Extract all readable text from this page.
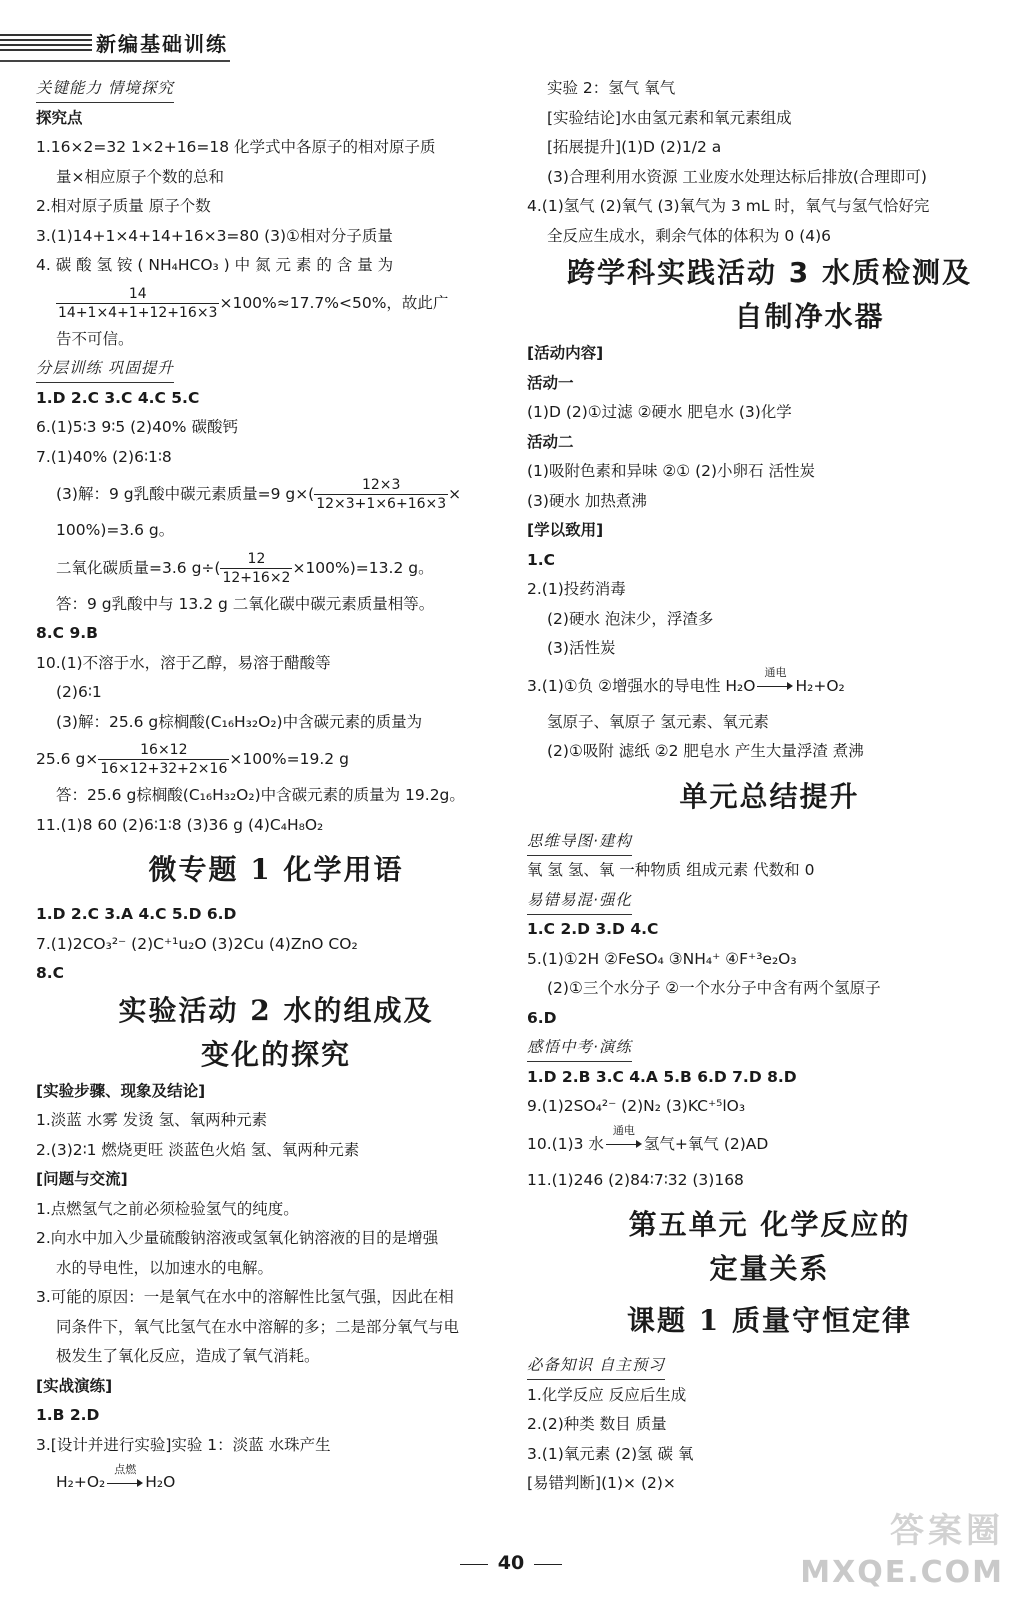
新编基础训练
关键能力 情境探究
探究点
1.16×2=32 1×2+16=18 化学式中各原子的相对原子质
量×相应原子个数的总和
2.相对原子质量 原子个数
3.(1)14+1×4+14+16×3=80 (3)①相对分子质量
4. 碳 酸 氢 铵 ( NH₄HCO₃ ) 中 氮 元 素 的 含 量 为
$\frac{14}{14+1\times 4+1+12+16\times 3} \times 100\%\approx 17.7\%<50\%$，故此广
告不可信。
分层训练 巩固提升
1.D 2.C 3.C 4.C 5.C
6.(1)5∶3 9∶5 (2)40% 碳酸钙
7.(1)40% (2)6∶1∶8
(3)解：9 g乳酸中碳元素质量=9 $g\times( \frac{12\times 3}{12\times 3+1\times 6+16\times 3}$ ×
100%)=3.6 g。
二氧化碳质量=3.6 $g\div( \frac{12}{12+16\times 2} \times 100\%)=13.2$ g。
答：9 g乳酸中与 13.2 g 二氧化碳中碳元素质量相等。
8.C 9.B
10.(1)不溶于水，溶于乙醇，易溶于醋酸等
(2)6∶1
(3)解：25.6 g棕榈酸(C₁₆H₃₂O₂)中含碳元素的质量为
25.6 $g\times \frac{16\times 12}{16\times 12+32+2\times 16} \times 100\%=19.2$ g
答：25.6 g棕榈酸(C₁₆H₃₂O₂)中含碳元素的质量为 19.2g。
11.(1)8 60 (2)6∶1∶8 (3)36 g (4)C₄H₈O₂
微专题 1 化学用语
1.D 2.C 3.A 4.C 5.D 6.D
7.(1)2CO₃²⁻ (2)C⁺¹u₂O (3)2Cu (4)ZnO CO₂
8.C
实验活动 2 水的组成及
变化的探究
[实验步骤、现象及结论]
1.淡蓝 水雾 发烫 氢、氧两种元素
2.(3)2∶1 燃烧更旺 淡蓝色火焰 氢、氧两种元素
[问题与交流]
1.点燃氢气之前必须检验氢气的纯度。
2.向水中加入少量硫酸钠溶液或氢氧化钠溶液的目的是增强
水的导电性，以加速水的电解。
3.可能的原因：一是氧气在水中的溶解性比氢气强，因此在相
同条件下，氧气比氢气在水中溶解的多；二是部分氧气与电
极发生了氧化反应，造成了氧气消耗。
[实战演练]
1.B 2.D
3.[设计并进行实验]实验 1：淡蓝 水珠产生
H₂+O₂
点燃
H₂O
实验 2：氢气 氧气
[实验结论]水由氢元素和氧元素组成
[拓展提升](1)D (2)1/2 a
(3)合理利用水资源 工业废水处理达标后排放(合理即可)
4.(1)氢气 (2)氧气 (3)氧气为 3 mL 时，氧气与氢气恰好完
全反应生成水，剩余气体的体积为 0 (4)6
跨学科实践活动 3 水质检测及
自制净水器
[活动内容]
活动一
(1)D (2)①过滤 ②硬水 肥皂水 (3)化学
活动二
(1)吸附色素和异味 ②① (2)小卵石 活性炭
(3)硬水 加热煮沸
[学以致用]
1.C
2.(1)投药消毒
(2)硬水 泡沫少，浮渣多
(3)活性炭
3.(1)①负 ②增强水的导电性 H₂O
通电
H₂+O₂
氢原子、氧原子 氢元素、氧元素
(2)①吸附 滤纸 ②2 肥皂水 产生大量浮渣 煮沸
单元总结提升
思维导图·建构
氧 氢 氢、氧 一种物质 组成元素 代数和 0
易错易混·强化
1.C 2.D 3.D 4.C
5.(1)①2H ②FeSO₄ ③NH₄⁺ ④F⁺³e₂O₃
(2)①三个水分子 ②一个水分子中含有两个氢原子
6.D
感悟中考·演练
1.D 2.B 3.C 4.A 5.B 6.D 7.D 8.D
9.(1)2SO₄²⁻ (2)N₂ (3)KC⁺⁵lO₃
10.(1)3 水
通电
氢气+氧气 (2)AD
11.(1)246 (2)84∶7∶32 (3)168
第五单元 化学反应的
定量关系
课题 1 质量守恒定律
必备知识 自主预习
1.化学反应 反应后生成
2.(2)种类 数目 质量
3.(1)氧元素 (2)氢 碳 氧
[易错判断](1)× (2)×
40
答案圈
MXQE.COM
